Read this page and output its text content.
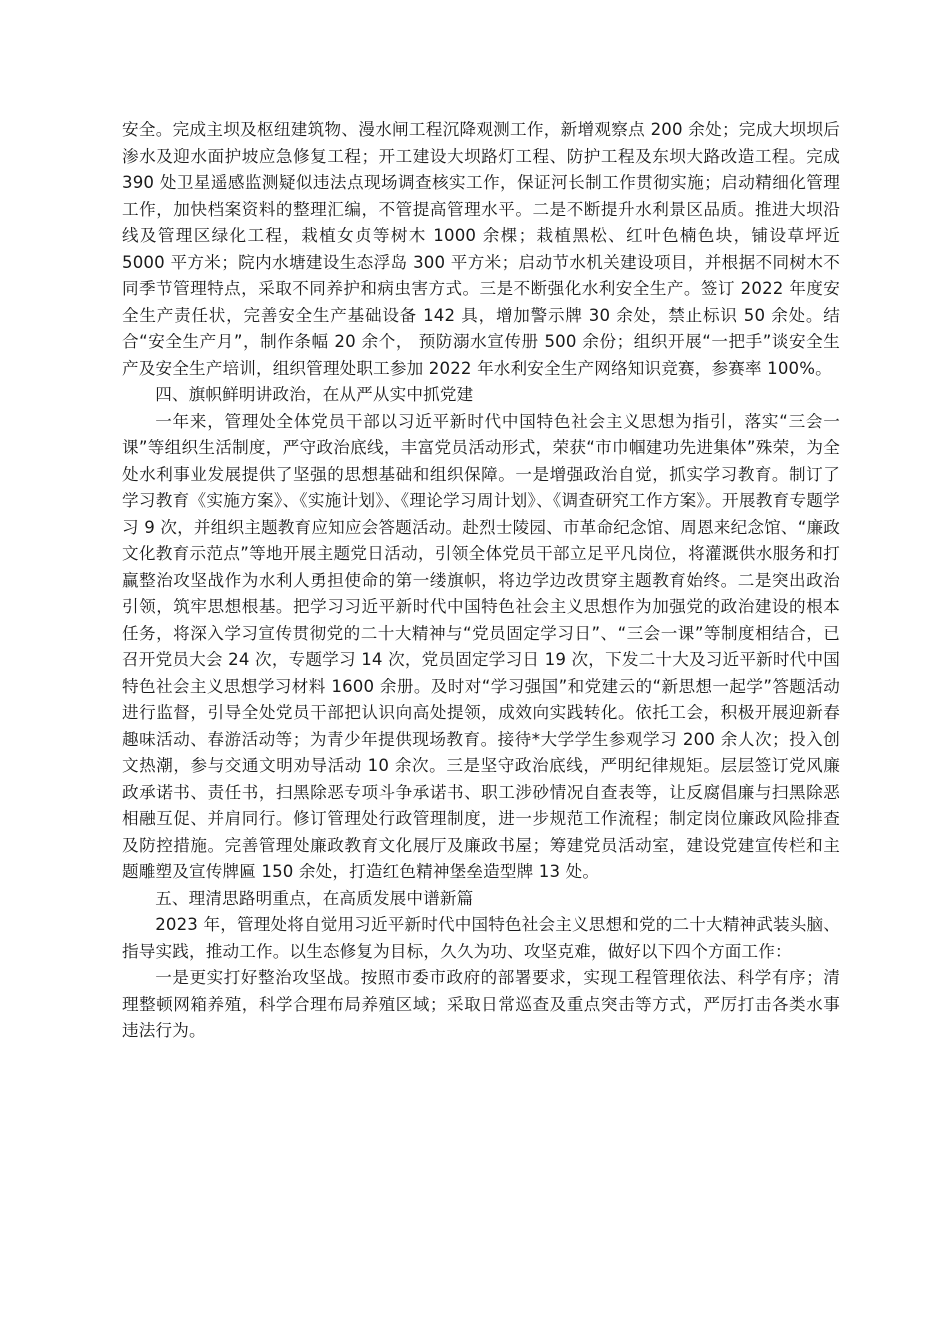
安全。完成主坝及枢纽建筑物、漫水闸工程沉降观测工作，新增观察点 200 余处；完成大坝坝后渗水及迎水面护坡应急修复工程；开工建设大坝路灯工程、防护工程及东坝大路改造工程。完成 390 处卫星遥感监测疑似违法点现场调查核实工作，保证河长制工作贯彻实施；启动精细化管理工作，加快档案资料的整理汇编，不管提高管理水平。二是不断提升水利景区品质。推进大坝沿线及管理区绿化工程，栽植女贞等树木 1000 余棵；栽植黑松、红叶色楠色块，铺设草坪近 5000 平方米；院内水塘建设生态浮岛 300 平方米；启动节水机关建设项目，并根据不同树木不同季节管理特点，采取不同养护和病虫害方式。三是不断强化水利安全生产。签订 2022 年度安全生产责任状，完善安全生产基础设备 142 具，增加警示牌 30 余处，禁止标识 50 余处。结合“安全生产月”，制作条幅 20 余个， 预防溺水宣传册 500 余份；组织开展“一把手”谈安全生产及安全生产培训，组织管理处职工参加 2022 年水利安全生产网络知识竞赛，参赛率 100%。

四、旗帜鲜明讲政治，在从严从实中抓党建

一年来，管理处全体党员干部以习近平新时代中国特色社会主义思想为指引，落实“三会一课”等组织生活制度，严守政治底线，丰富党员活动形式，荣获“市巾帼建功先进集体”殊荣，为全处水利事业发展提供了坚强的思想基础和组织保障。一是增强政治自觉，抓实学习教育。制订了学习教育《实施方案》、《实施计划》、《理论学习周计划》、《调查研究工作方案》。开展教育专题学习 9 次，并组织主题教育应知应会答题活动。赴烈士陵园、市革命纪念馆、周恩来纪念馆、“廉政文化教育示范点”等地开展主题党日活动，引领全体党员干部立足平凡岗位，将灌溉供水服务和打赢整治攻坚战作为水利人勇担使命的第一缕旗帜，将边学边改贯穿主题教育始终。二是突出政治引领，筑牢思想根基。把学习习近平新时代中国特色社会主义思想作为加强党的政治建设的根本任务，将深入学习宣传贯彻党的二十大精神与“党员固定学习日”、“三会一课”等制度相结合，已召开党员大会 24 次，专题学习 14 次，党员固定学习日 19 次，下发二十大及习近平新时代中国特色社会主义思想学习材料 1600 余册。及时对“学习强国”和党建云的“新思想一起学”答题活动进行监督，引导全处党员干部把认识向高处提领，成效向实践转化。依托工会，积极开展迎新春趣味活动、春游活动等；为青少年提供现场教育。接待*大学学生参观学习 200 余人次；投入创文热潮，参与交通文明劝导活动 10 余次。三是坚守政治底线，严明纪律规矩。层层签订党风廉政承诺书、责任书，扫黑除恶专项斗争承诺书、职工涉砂情况自查表等，让反腐倡廉与扫黑除恶相融互促、并肩同行。修订管理处行政管理制度，进一步规范工作流程；制定岗位廉政风险排查及防控措施。完善管理处廉政教育文化展厅及廉政书屋；筹建党员活动室，建设党建宣传栏和主题雕塑及宣传牌匾 150 余处，打造红色精神堡垒造型牌 13 处。

五、理清思路明重点，在高质发展中谱新篇

2023 年，管理处将自觉用习近平新时代中国特色社会主义思想和党的二十大精神武装头脑、指导实践，推动工作。以生态修复为目标，久久为功、攻坚克难，做好以下四个方面工作：

一是更实打好整治攻坚战。按照市委市政府的部署要求，实现工程管理依法、科学有序；清理整顿网箱养殖，科学合理布局养殖区域；采取日常巡查及重点突击等方式，严厉打击各类水事违法行为。
